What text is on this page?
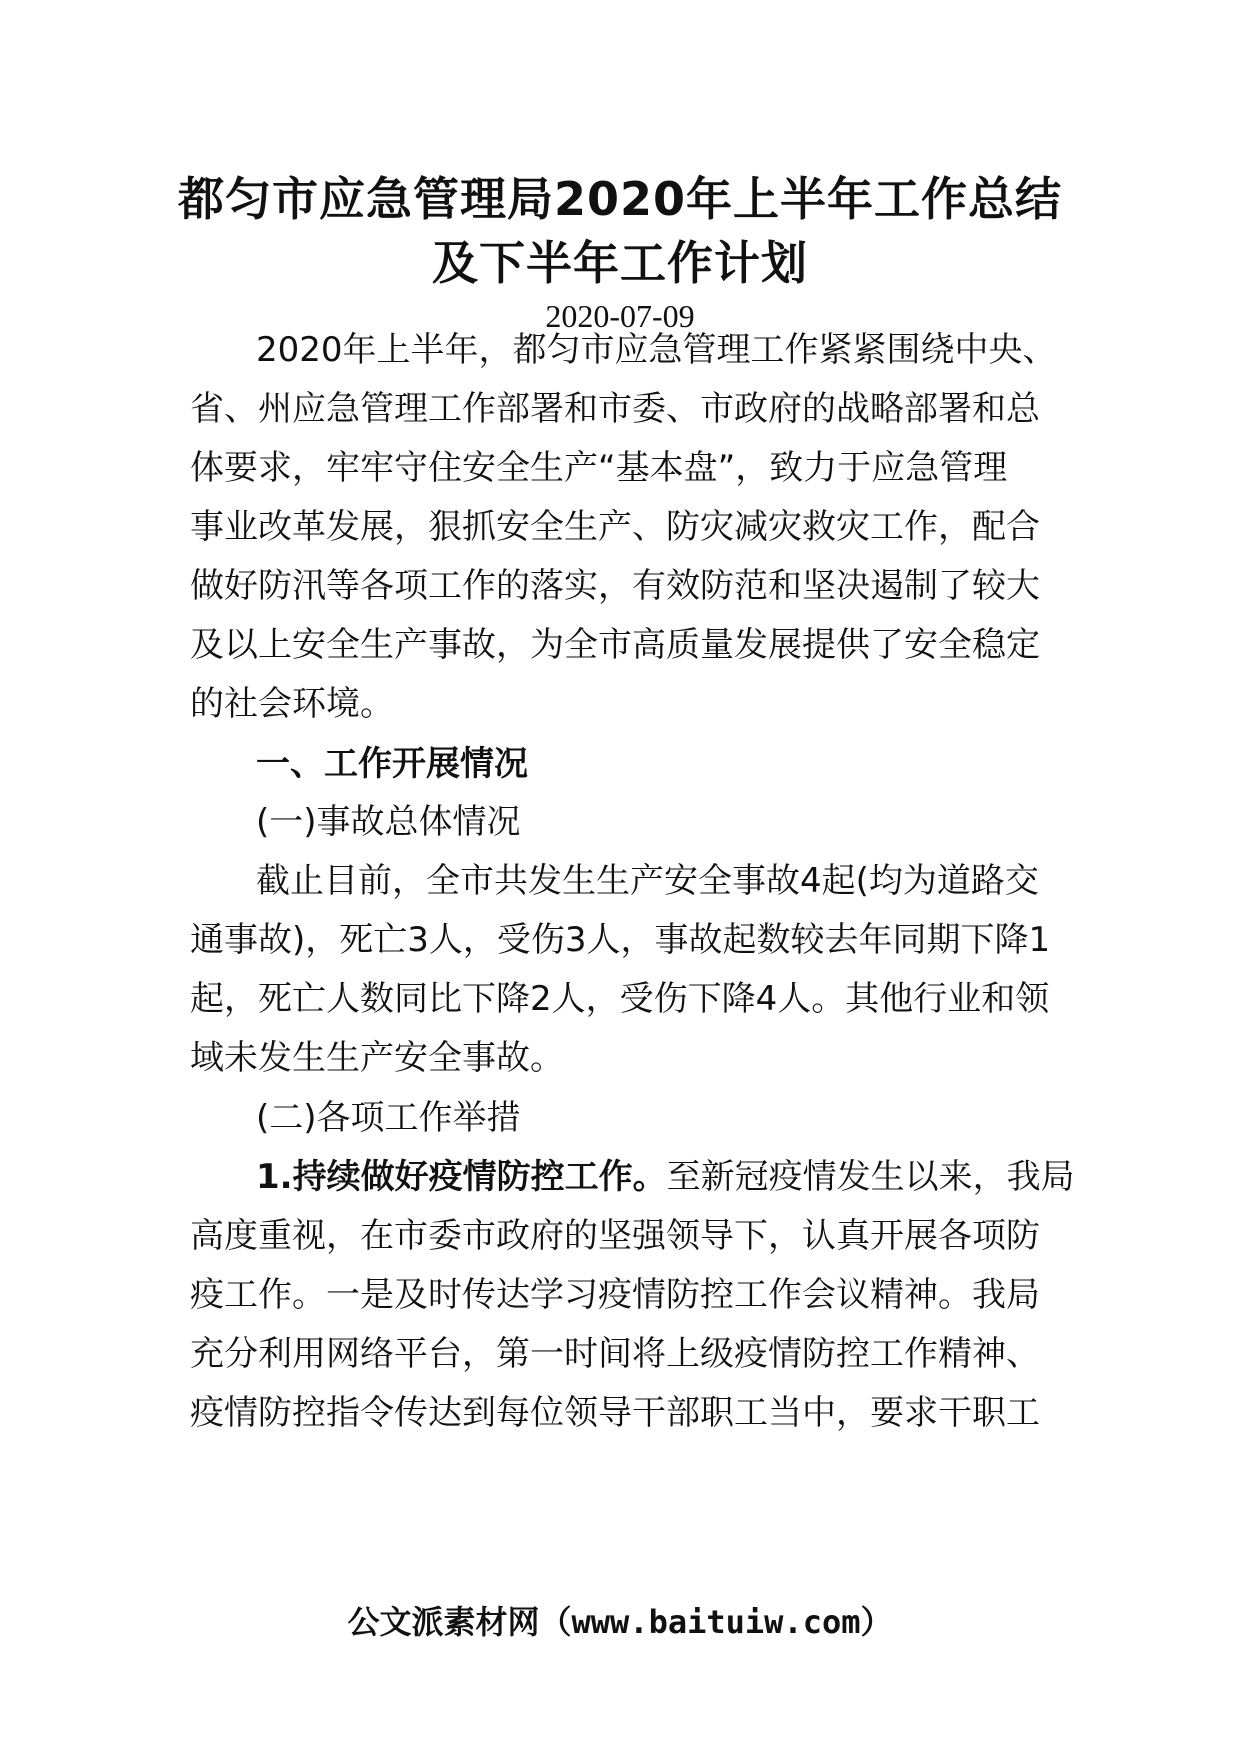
都匀市应急管理局2020年上半年工作总结
及下半年工作计划
2020-07-09
2020年上半年，都匀市应急管理工作紧紧围绕中央、
省、州应急管理工作部署和市委、市政府的战略部署和总
体要求，牢牢守住安全生产“基本盘”，致力于应急管理
事业改革发展，狠抓安全生产、防灾减灾救灾工作，配合
做好防汛等各项工作的落实，有效防范和坚决遏制了较大
及以上安全生产事故，为全市高质量发展提供了安全稳定
的社会环境。
一、工作开展情况
(一)事故总体情况
截止目前，全市共发生生产安全事故4起(均为道路交
通事故)，死亡3人，受伤3人，事故起数较去年同期下降1
起，死亡人数同比下降2人，受伤下降4人。其他行业和领
域未发生生产安全事故。
(二)各项工作举措
1.持续做好疫情防控工作。至新冠疫情发生以来，我局
高度重视，在市委市政府的坚强领导下，认真开展各项防
疫工作。一是及时传达学习疫情防控工作会议精神。我局
充分利用网络平台，第一时间将上级疫情防控工作精神、
疫情防控指令传达到每位领导干部职工当中，要求干职工
公文派素材网（www.baituiw.com）
